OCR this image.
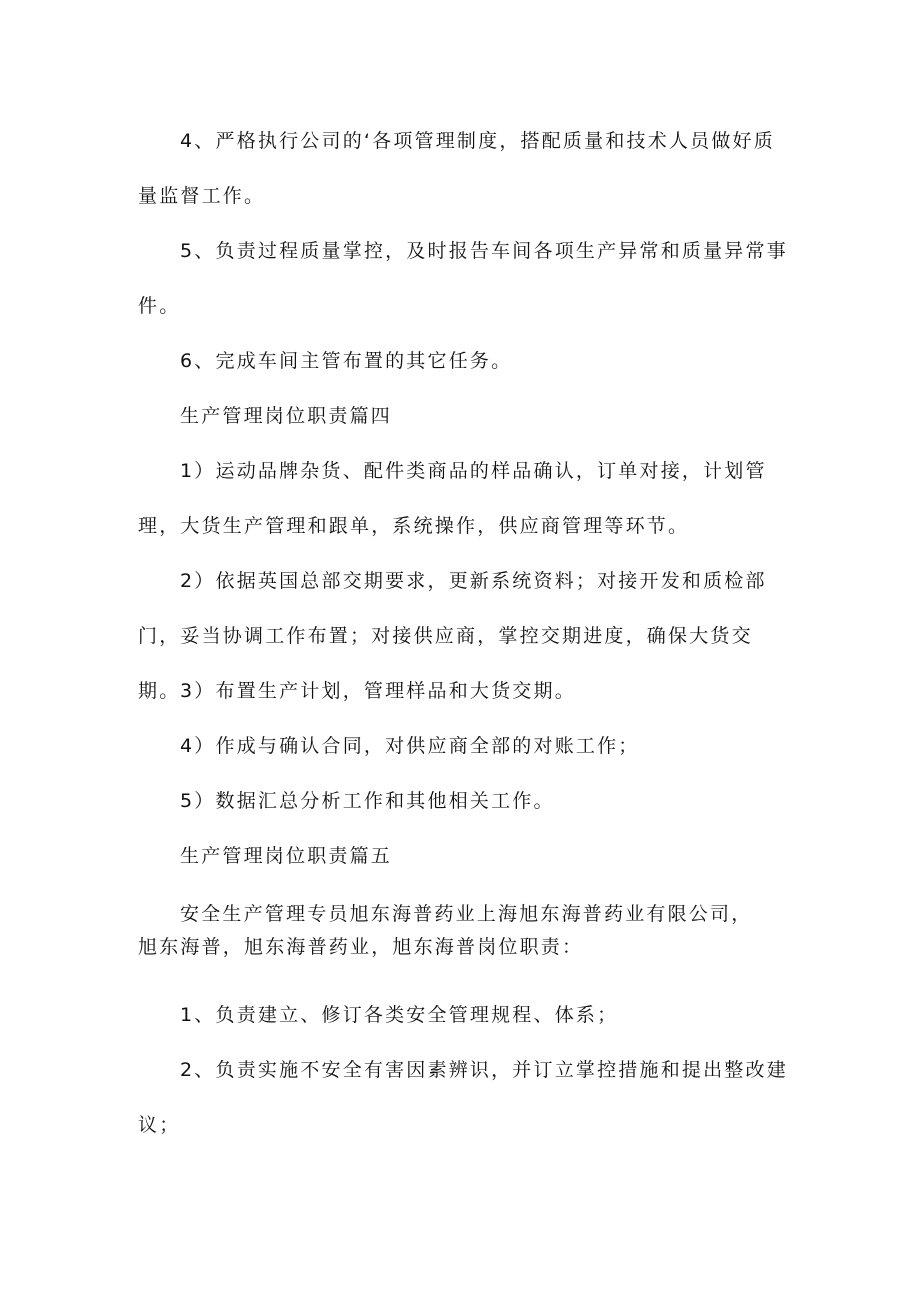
4、严格执行公司的‘各项管理制度，搭配质量和技术人员做好质量监督工作。

5、负责过程质量掌控，及时报告车间各项生产异常和质量异常事件。

6、完成车间主管布置的其它任务。

生产管理岗位职责篇四

1）运动品牌杂货、配件类商品的样品确认，订单对接，计划管理，大货生产管理和跟单，系统操作，供应商管理等环节。

2）依据英国总部交期要求，更新系统资料；对接开发和质检部门，妥当协调工作布置；对接供应商，掌控交期进度，确保大货交期。 3）布置生产计划，管理样品和大货交期。

4）作成与确认合同，对供应商全部的对账工作；

5）数据汇总分析工作和其他相关工作。

生产管理岗位职责篇五

安全生产管理专员旭东海普药业上海旭东海普药业有限公司，

旭东海普，旭东海普药业，旭东海普岗位职责：

1、负责建立、修订各类安全管理规程、体系；

2、负责实施不安全有害因素辨识，并订立掌控措施和提出整改建议；
